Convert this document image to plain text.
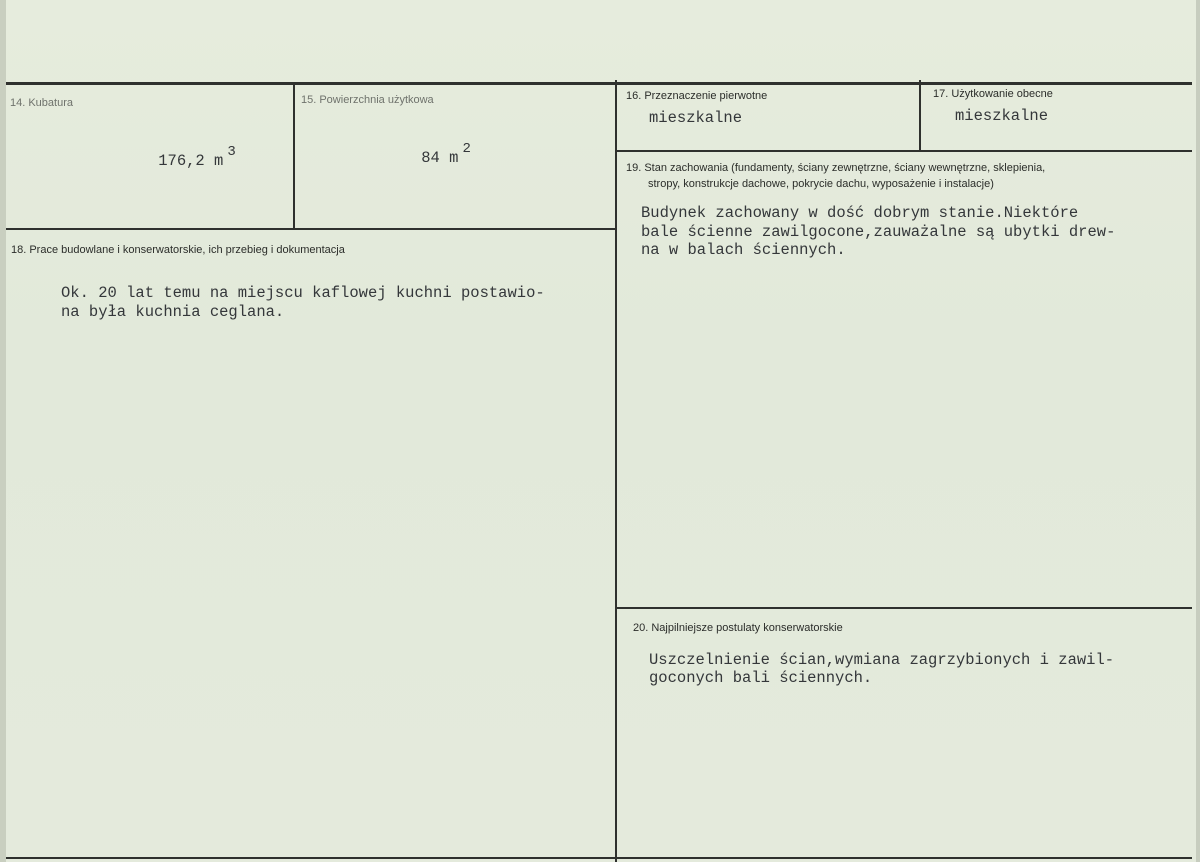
14. Kubatura

176,2 m $^3$

15. Powierzchnia użytkowa

84 m $^2$

16. Przeznaczenie pierwotne
mieszkalne
17. Użytkowanie obecne
mieszkalne
18. Prace budowlane i konserwatorskie, ich przebieg i dokumentacja
Ok. 20 lat temu na miejscu kaflowej kuchni postawio-
na była kuchnia ceglana.
19. Stan zachowania (fundamenty, ściany zewnętrzne, ściany wewnętrzne, sklepienia,
stropy, konstrukcje dachowe, pokrycie dachu, wyposażenie i instalacje)
Budynek zachowany w dość dobrym stanie.Niektóre
bale ścienne zawilgocone,zauważalne są ubytki drew-
na w balach ściennych.
20. Najpilniejsze postulaty konserwatorskie
Uszczelnienie ścian,wymiana zagrzybionych i zawil-
goconych bali ściennych.
